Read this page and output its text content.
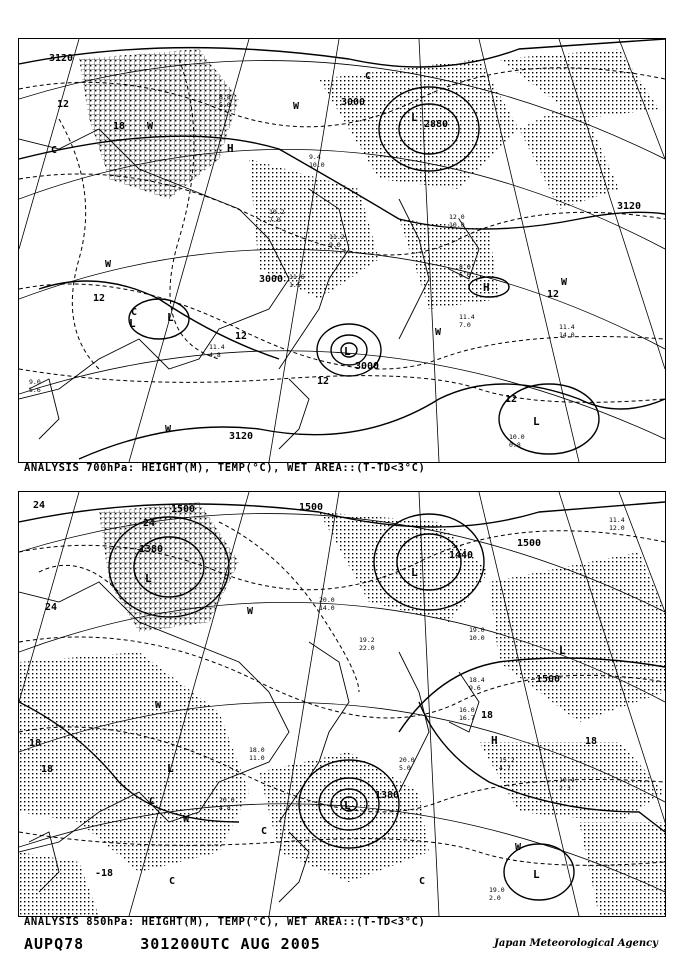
3120
3000
2880
3000
3120
3000
3120
12
18
12
12
12
12
12
L
L
L
L
H
L
H
W
W
C
C
W
W
W
W
C
9.4
10.0
10.2
7.0
11.2
9.0
11.6
1.5
12.0
10.0
11.4
7.0	11.4
14.0
10.0
0.8
11.4
4.8
9.0
5.6
8.0
6.0
8.8
5.0
ANALYSIS 700hPa: HEIGHT(M), TEMP(°C), WET AREA::(T-TD<3°C)
1500	1500
1380
1440
1500
1500
1380
24
24
24
18
18
18
18
-18
L
L
L
L
H
L
L
W
W
C
C
C
W
C
W
20.0
14.0
19.2
22.0
19.0
10.0
18.4
9.6
16.0
16.7
15.2
4.7
10.4
2.3
19.0
2.0
20.0
5.0
20.0
4.8
11.4
12.0
18.0
11.0
ANALYSIS 850hPa: HEIGHT(M), TEMP(°C), WET AREA::(T-TD<3°C)
AUPQ78	301200UTC AUG 2005	Japan Meteorological Agency
